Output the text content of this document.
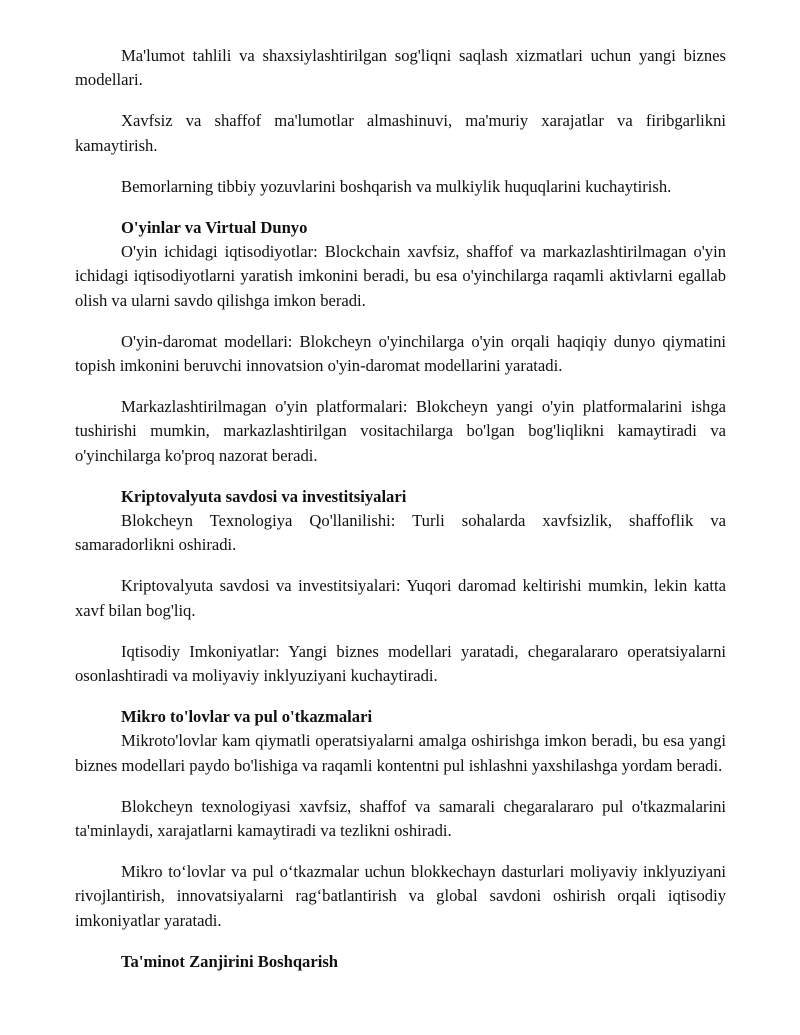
Ma'lumot tahlili va shaxsiylashtirilgan sog'liqni saqlash xizmatlari uchun yangi biznes modellari.

Xavfsiz va shaffof ma'lumotlar almashinuvi, ma'muriy xarajatlar va firibgarlikni kamaytirish.

Bemorlarning tibbiy yozuvlarini boshqarish va mulkiylik huquqlarini kuchaytirish.

O'yinlar va Virtual Dunyo

O'yin ichidagi iqtisodiyotlar: Blockchain xavfsiz, shaffof va markazlashtirilmagan o'yin ichidagi iqtisodiyotlarni yaratish imkonini beradi, bu esa o'yinchilarga raqamli aktivlarni egallab olish va ularni savdo qilishga imkon beradi.

O'yin-daromat modellari: Blokcheyn o'yinchilarga o'yin orqali haqiqiy dunyo qiymatini topish imkonini beruvchi innovatsion o'yin-daromat modellarini yaratadi.

Markazlashtirilmagan o'yin platformalari: Blokcheyn yangi o'yin platformalarini ishga tushirishi mumkin, markazlashtirilgan vositachilarga bo'lgan bog'liqlikni kamaytiradi va o'yinchilarga ko'proq nazorat beradi.

Kriptovalyuta savdosi va investitsiyalari

Blokcheyn Texnologiya Qo'llanilishi: Turli sohalarda xavfsizlik, shaffoflik va samaradorlikni oshiradi.

Kriptovalyuta savdosi va investitsiyalari: Yuqori daromad keltirishi mumkin, lekin katta xavf bilan bog'liq.

Iqtisodiy Imkoniyatlar: Yangi biznes modellari yaratadi, chegaralararo operatsiyalarni osonlashtiradi va moliyaviy inklyuziyani kuchaytiradi.

Mikro to'lovlar va pul o'tkazmalari

Mikroto'lovlar kam qiymatli operatsiyalarni amalga oshirishga imkon beradi, bu esa yangi biznes modellari paydo bo'lishiga va raqamli kontentni pul ishlashni yaxshilashga yordam beradi.

Blokcheyn texnologiyasi xavfsiz, shaffof va samarali chegaralararo pul o'tkazmalarini ta'minlaydi, xarajatlarni kamaytiradi va tezlikni oshiradi.

Mikro to‘lovlar va pul o‘tkazmalar uchun blokkechayn dasturlari moliyaviy inklyuziyani rivojlantirish, innovatsiyalarni rag‘batlantirish va global savdoni oshirish orqali iqtisodiy imkoniyatlar yaratadi.

Ta'minot Zanjirini Boshqarish
